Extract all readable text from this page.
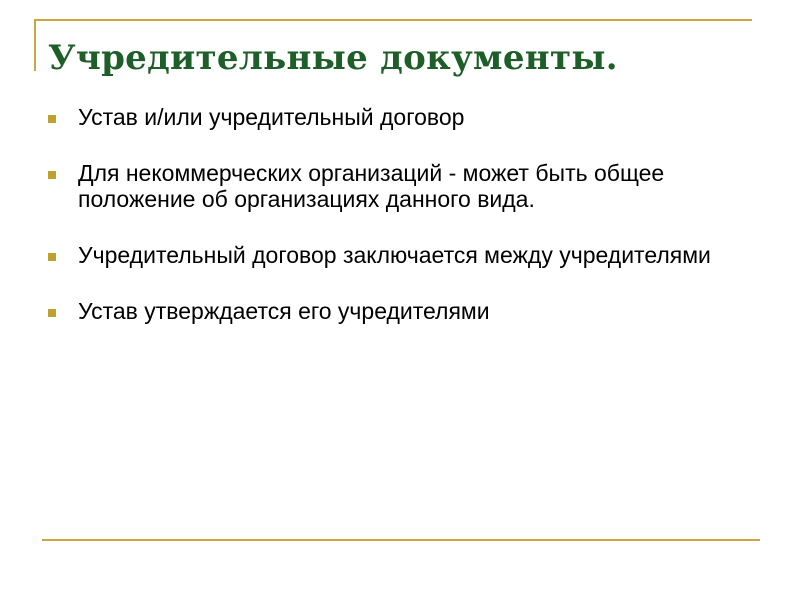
Учредительные документы.
Устав и/или учредительный договор
Для некоммерческих организаций - может быть общее положение об организациях данного вида.
Учредительный договор заключается между учредителями
Устав утверждается его учредителями
